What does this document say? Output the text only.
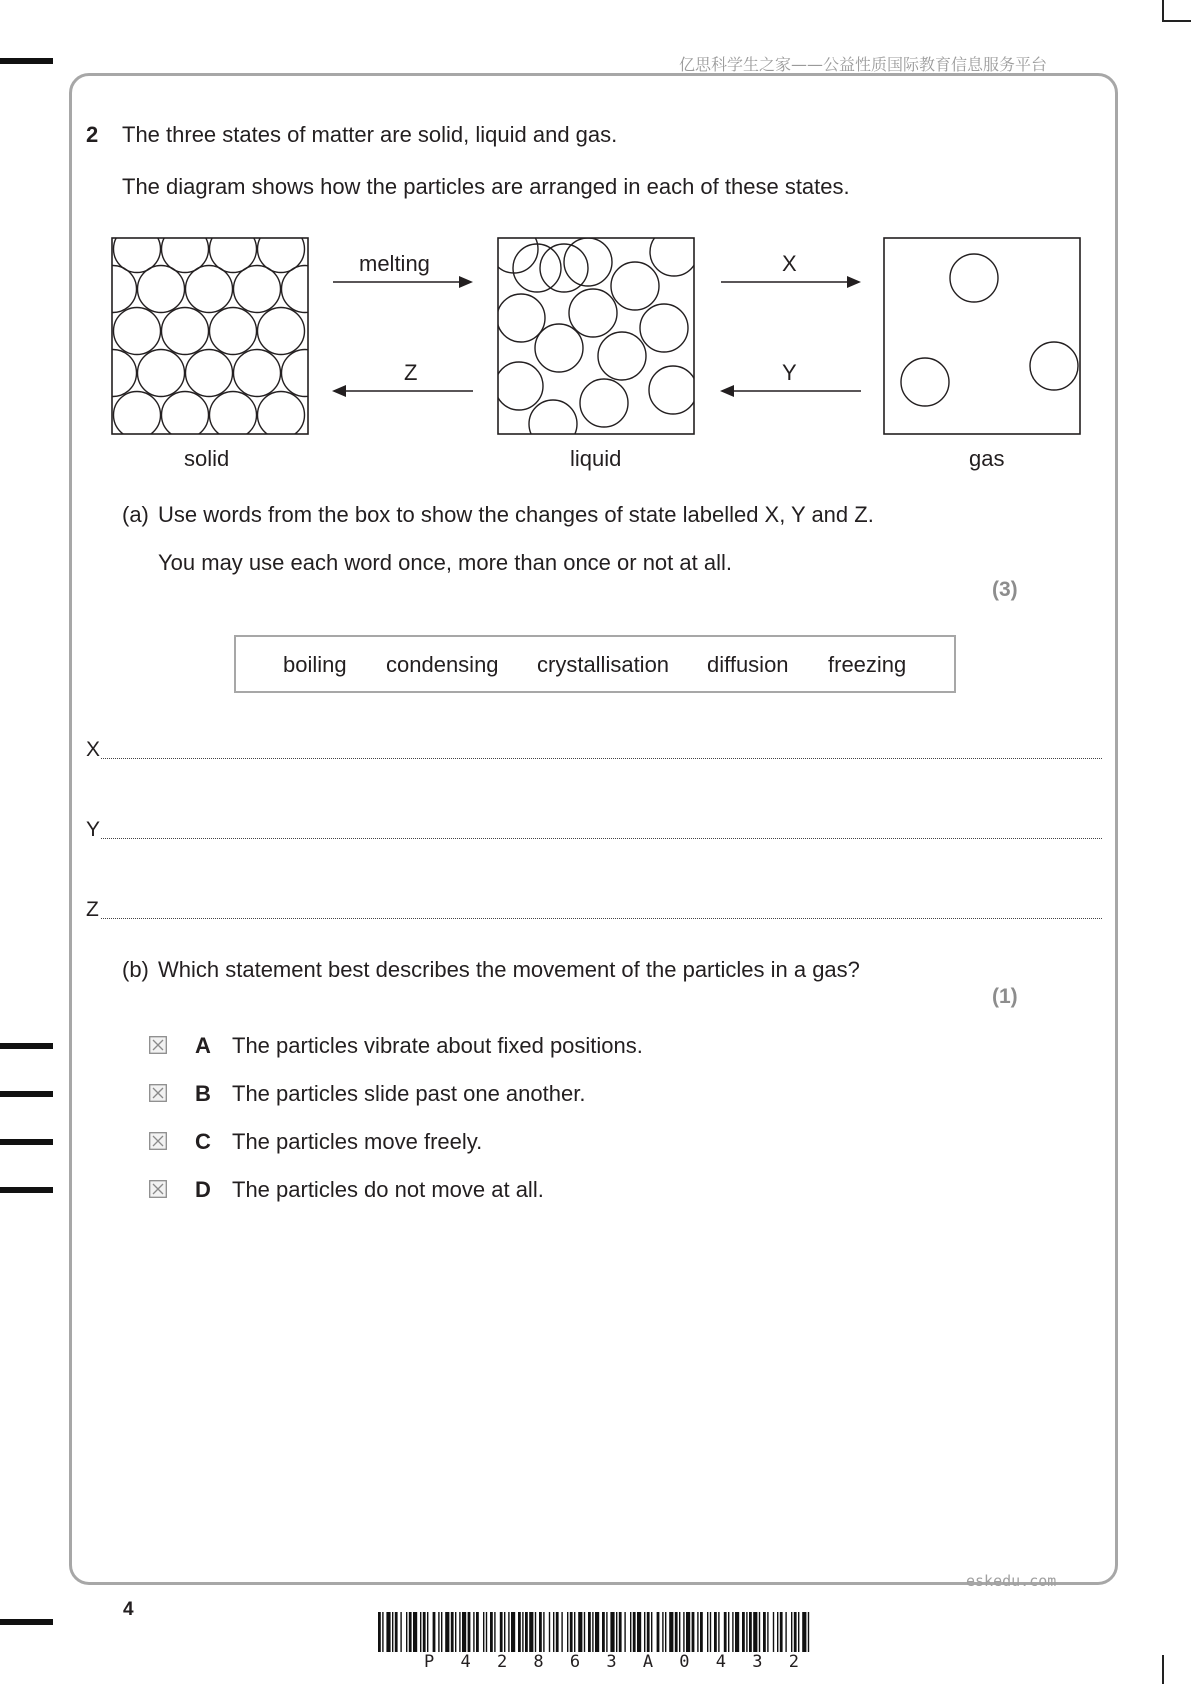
亿思科学生之家——公益性质国际教育信息服务平台
2 The three states of matter are solid, liquid and gas.
The diagram shows how the particles are arranged in each of these states.
melting	X
Z	Y
solid	liquid	gas
(a) Use words from the box to show the changes of state labelled X, Y and Z.
You may use each word once, more than once or not at all.
(3)
boiling condensing crystallisation diffusion freezing
X
Y
Z
(b) Which statement best describes the movement of the particles in a gas?
(1)
A The particles vibrate about fixed positions.
B The particles slide past one another.
C The particles move freely.
D The particles do not move at all.
eskedu.com
4
P 4 2 8 6 3 A 0 4 3 2
